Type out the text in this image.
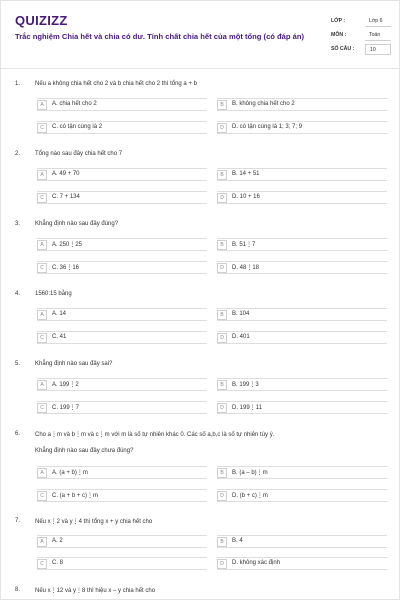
QUIZIZZ
Trắc nghiệm Chia hết và chia có dư. Tính chất chia hết của một tổng (có đáp án)
LỚP :	Lớp 6
MÔN :	Toán
SỐ CÂU :	10
1. Nếu a không chia hết cho 2 và b chia hết cho 2 thì tổng a + b
A	A. chia hết cho 2	B	B. không chia hết cho 2
C	C. có tận cùng là 2	D	D. có tận cùng là 1; 3; 7; 9
2. Tổng nào sau đây chia hết cho 7
A	A. 49 + 70	B	B. 14 + 51
C	C. 7 + 134	D	D. 10 + 16
3. Khẳng định nào sau đây đúng?
A	A. 250⋮25	B	B. 51⋮7
C	C. 36⋮16	D	D. 48⋮18
4. 1560:15 bằng
A	A. 14	B	B. 104
C	C. 41	D	D. 401
5. Khẳng định nào sau đây sai?
A	A. 199⋮2	B	B. 199⋮3
C	C. 199⋮7	D	D. 199⋮11
6. Cho a⋮m và b⋮m và c⋮m với m là số tự nhiên khác 0. Các số a,b,c là số tự nhiên tùy ý.
Khẳng định nào sau đây chưa đúng?
A	A. (a + b)⋮m	B	B. (a – b)⋮m
C	C. (a + b + c)⋮m	D	D. (b + c)⋮m
7. Nếu x⋮2 và y⋮4 thì tổng x + y chia hết cho
A	A. 2	B	B. 4
C	C. 8	D	D. không xác định
8. Nếu x⋮12 và y⋮8 thì hiệu x – y chia hết cho
